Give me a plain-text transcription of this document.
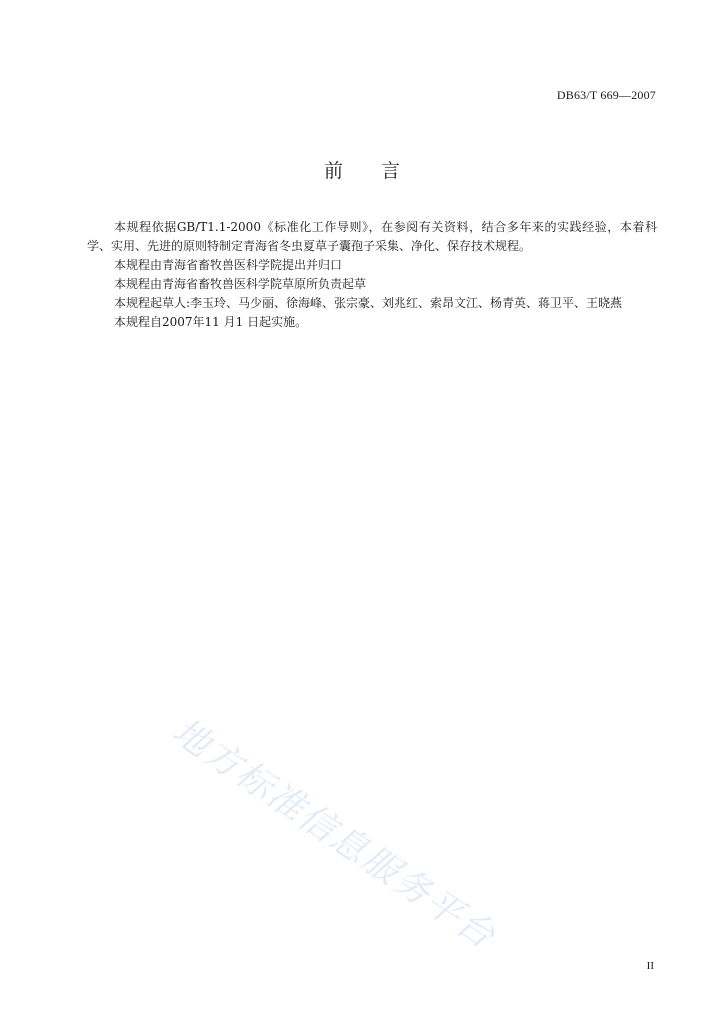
DB63/T 669—2007
前言

本规程依据GB/T1.1-2000《标准化工作导则》，在参阅有关资料，结合多年来的实践经验，本着科学、实用、先进的原则特制定青海省冬虫夏草子囊孢子采集、净化、保存技术规程。

本规程由青海省畜牧兽医科学院提出并归口

本规程由青海省畜牧兽医科学院草原所负责起草

本规程起草人:李玉玲、马少丽、徐海峰、张宗豪、刘兆红、索昂文江、杨青英、蒋卫平、王晓燕

本规程自2007年11 月1 日起实施。

地方标准信息服务平台
II
